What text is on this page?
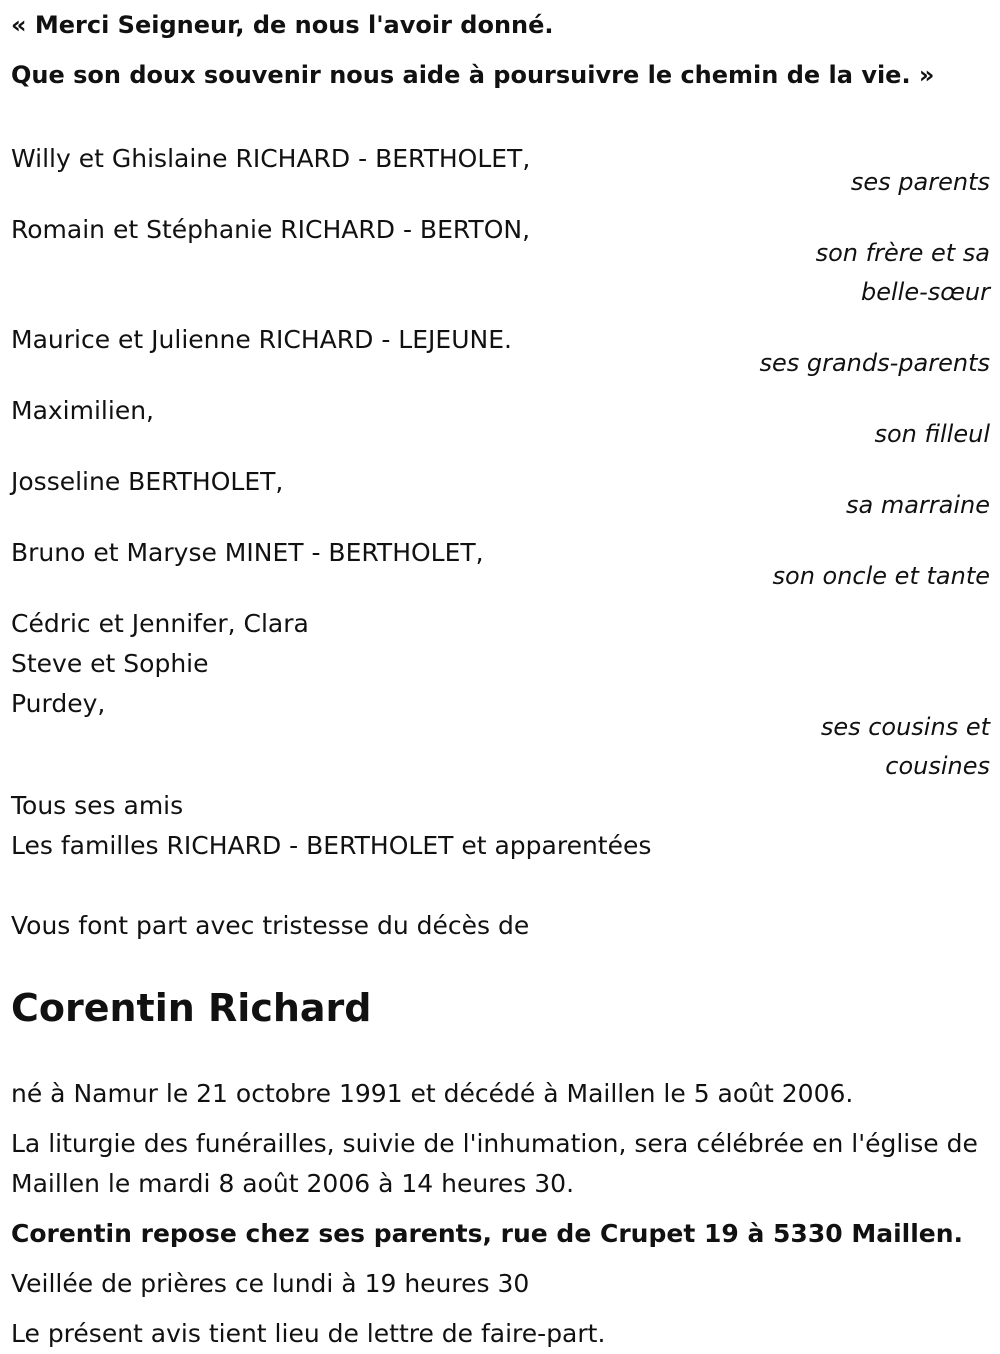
« Merci Seigneur, de nous l'avoir donné.

Que son doux souvenir nous aide à poursuivre le chemin de la vie. »

Willy et Ghislaine RICHARD - BERTHOLET,
ses parents
Romain et Stéphanie RICHARD - BERTON,
son frère et sa
belle-sœur
Maurice et Julienne RICHARD - LEJEUNE.
ses grands-parents
Maximilien,
son filleul
Josseline BERTHOLET,
sa marraine
Bruno et Maryse MINET - BERTHOLET,
son oncle et tante
Cédric et Jennifer, Clara
Steve et Sophie
Purdey,
ses cousins et
cousines
Tous ses amis
Les familles RICHARD - BERTHOLET et apparentées
Vous font part avec tristesse du décès de
Corentin Richard

né à Namur le 21 octobre 1991 et décédé à Maillen le 5 août 2006.

La liturgie des funérailles, suivie de l'inhumation, sera célébrée en l'église de Maillen le mardi 8 août 2006 à 14 heures 30.

Corentin repose chez ses parents, rue de Crupet 19 à 5330 Maillen.

Veillée de prières ce lundi à 19 heures 30

Le présent avis tient lieu de lettre de faire-part.
